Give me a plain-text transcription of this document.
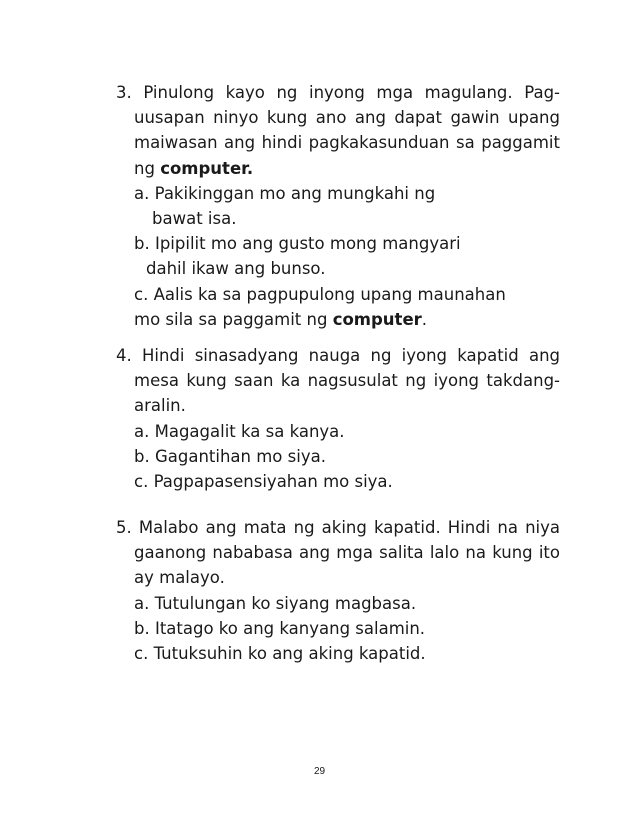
3. Pinulong kayo ng inyong mga magulang. Pag-uusapan ninyo kung ano ang dapat gawin upang maiwasan ang hindi pagkakasunduan sa paggamit ng computer.
a. Pakikinggan mo ang mungkahi ng
bawat isa.
b. Ipipilit mo ang gusto mong mangyari
dahil ikaw ang bunso.
c. Aalis ka sa pagpupulong upang maunahan
mo sila sa paggamit ng computer.
4. Hindi sinasadyang nauga ng iyong kapatid ang mesa kung saan ka nagsusulat ng iyong takdang-aralin.
a. Magagalit ka sa kanya.
b. Gagantihan mo siya.
c. Pagpapasensiyahan mo siya.
5. Malabo ang mata ng aking kapatid. Hindi na niya gaanong nababasa ang mga salita lalo na kung ito ay malayo.
a. Tutulungan ko siyang magbasa.
b. Itatago ko ang kanyang salamin.
c. Tutuksuhin ko ang aking kapatid.
29
